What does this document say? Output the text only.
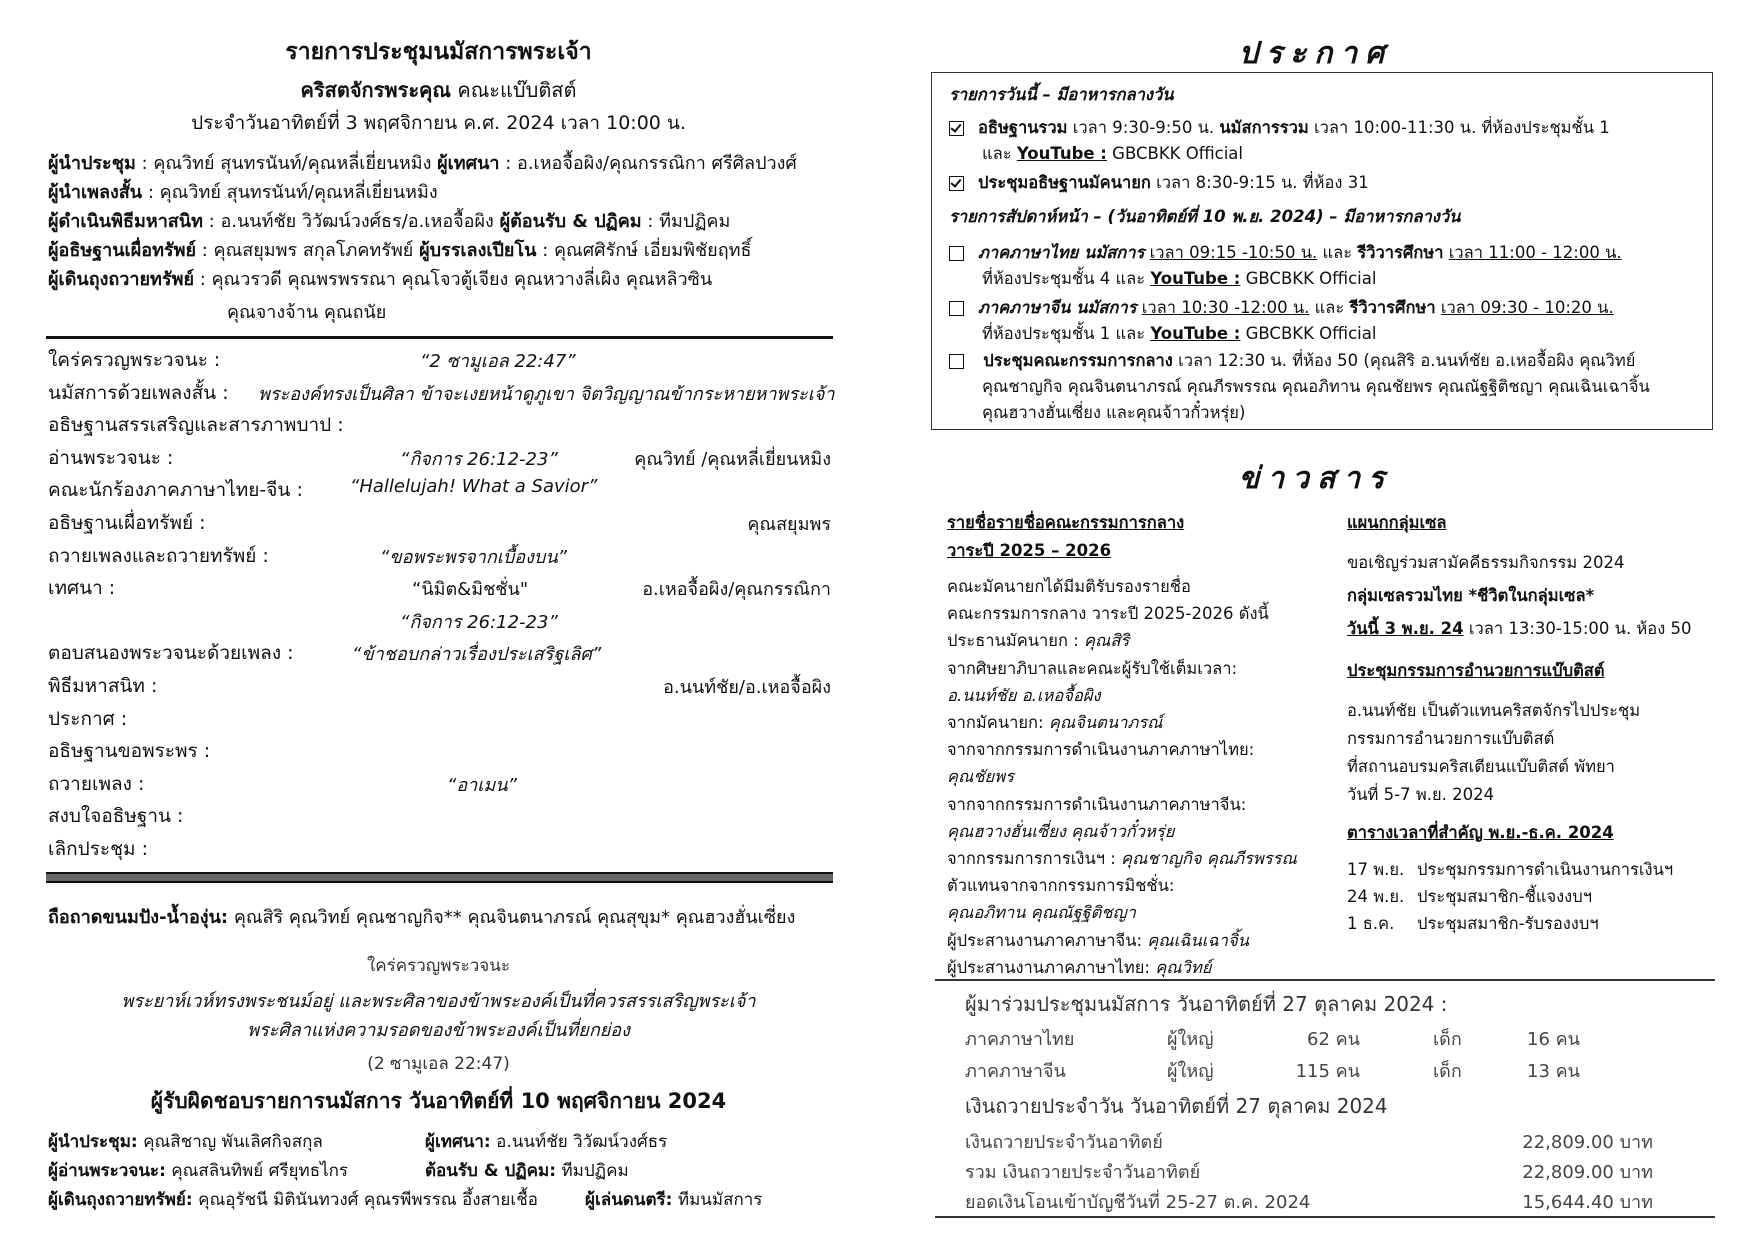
รายการประชุมนมัสการพระเจ้า
คริสตจักรพระคุณ คณะแบ๊บติสต์
ประจำวันอาทิตย์ที่ 3 พฤศจิกายน ค.ศ. 2024 เวลา 10:00 น.
ผู้นำประชุม : คุณวิทย์ สุนทรนันท์/คุณหลี่เยี่ยนหมิง ผู้เทศนา : อ.เหอจื้อผิง/คุณกรรณิกา ศรีศิลปวงศ์
ผู้นำเพลงสั้น : คุณวิทย์ สุนทรนันท์/คุณหลี่เยี่ยนหมิง
ผู้ดำเนินพิธีมหาสนิท : อ.นนท์ชัย วิวัฒน์วงศ์ธร/อ.เหอจื้อผิง ผู้ต้อนรับ & ปฏิคม : ทีมปฏิคม
ผู้อธิษฐานเผื่อทรัพย์ : คุณสยุมพร สกุลโภคทรัพย์ ผู้บรรเลงเปียโน : คุณศศิรักษ์ เอี่ยมพิชัยฤทธิ์
ผู้เดินถุงถวายทรัพย์ : คุณวรวดี คุณพรพรรณา คุณโจวตู้เจียง คุณหวางลี่เผิง คุณหลิวซิน
คุณจางจ้าน คุณถนัย
ใคร่ครวญพระวจนะ :	“2 ซามูเอล 22:47”
นมัสการด้วยเพลงสั้น : พระองค์ทรงเป็นศิลา ข้าจะเงยหน้าดูภูเขา จิตวิญญาณข้ากระหายหาพระเจ้า
อธิษฐานสรรเสริญและสารภาพบาป :
อ่านพระวจนะ :	“กิจการ 26:12-23”	คุณวิทย์ /คุณหลี่เยี่ยนหมิง
คณะนักร้องภาคภาษาไทย-จีน :	“Hallelujah! What a Savior”
อธิษฐานเผื่อทรัพย์ :	คุณสยุมพร
ถวายเพลงและถวายทรัพย์ :	“ขอพระพรจากเบื้องบน”
เทศนา :	“นิมิต&มิชชั่น"	อ.เหอจื้อผิง/คุณกรรณิกา
“กิจการ 26:12-23”
ตอบสนองพระวจนะด้วยเพลง :	“ข้าชอบกล่าวเรื่องประเสริฐเลิศ”
พิธีมหาสนิท :	อ.นนท์ชัย/อ.เหอจื้อผิง
ประกาศ :
อธิษฐานขอพระพร :
ถวายเพลง :	“อาเมน”
สงบใจอธิษฐาน :
เลิกประชุม :
ถือถาดขนมปัง-น้ำองุ่น: คุณสิริ คุณวิทย์ คุณชาญกิจ** คุณจินตนาภรณ์ คุณสุขุม* คุณฮวงฮั่นเซี่ยง
ใคร่ครวญพระวจนะ
พระยาห์เวห์ทรงพระชนม์อยู่ และพระศิลาของข้าพระองค์เป็นที่ควรสรรเสริญพระเจ้า
พระศิลาแห่งความรอดของข้าพระองค์เป็นที่ยกย่อง
(2 ซามูเอล 22:47)
ผู้รับผิดชอบรายการนมัสการ วันอาทิตย์ที่ 10 พฤศจิกายน 2024
ผู้นำประชุม: คุณสิชาญ พันเลิศกิจสกุล	ผู้เทศนา: อ.นนท์ชัย วิวัฒน์วงศ์ธร
ผู้อ่านพระวจนะ: คุณสลินทิพย์ ศรียุทธไกร	ต้อนรับ & ปฏิคม: ทีมปฏิคม
ผู้เดินถุงถวายทรัพย์: คุณอุรัชนี มิตินันทวงศ์ คุณรพีพรรณ อึ้งสายเชื้อ	ผู้เล่นดนตรี: ทีมนมัสการ
ประกาศ
รายการวันนี้ – มีอาหารกลางวัน
อธิษฐานรวม เวลา 9:30-9:50 น. นมัสการรวม เวลา 10:00-11:30 น. ที่ห้องประชุมชั้น 1
และ YouTube : GBCBKK Official
ประชุมอธิษฐานมัคนายก เวลา 8:30-9:15 น. ที่ห้อง 31
รายการสัปดาห์หน้า – (วันอาทิตย์ที่ 10 พ.ย. 2024) – มีอาหารกลางวัน
ภาคภาษาไทย นมัสการ เวลา 09:15 -10:50 น. และ รีวิวารศึกษา เวลา 11:00 - 12:00 น.
ที่ห้องประชุมชั้น 4 และ YouTube : GBCBKK Official
ภาคภาษาจีน นมัสการ เวลา 10:30 -12:00 น. และ รีวิวารศึกษา เวลา 09:30 - 10:20 น.
ที่ห้องประชุมชั้น 1 และ YouTube : GBCBKK Official
ประชุมคณะกรรมการกลาง เวลา 12:30 น. ที่ห้อง 50 (คุณสิริ อ.นนท์ชัย อ.เหอจื้อผิง คุณวิทย์
คุณชาญกิจ คุณจินตนาภรณ์ คุณภีรพรรณ คุณอภิทาน คุณชัยพร คุณณัฐฐิติชญา คุณเฉินเฉาจิ้น
คุณฮวางฮั่นเซี่ยง และคุณจ้าวกั๋วหรุ่ย)
ข่าวสาร
รายชื่อรายชื่อคณะกรรมการกลาง
วาระปี 2025 – 2026
คณะมัคนายกได้มีมติรับรองรายชื่อ
คณะกรรมการกลาง วาระปี 2025-2026 ดังนี้
ประธานมัคนายก : คุณสิริ
จากศิษยาภิบาลและคณะผู้รับใช้เต็มเวลา:
อ.นนท์ชัย อ.เหอจื้อผิง
จากมัคนายก: คุณจินตนาภรณ์
จากจากกรรมการดำเนินงานภาคภาษาไทย:
คุณชัยพร
จากจากกรรมการดำเนินงานภาคภาษาจีน:
คุณฮวางฮั่นเซี่ยง คุณจ้าวกั๋วหรุ่ย
จากกรรมการการเงินฯ : คุณชาญกิจ คุณภีรพรรณ
ตัวแทนจากจากกรรมการมิชชั่น:
คุณอภิทาน คุณณัฐฐิติชญา
ผู้ประสานงานภาคภาษาจีน: คุณเฉินเฉาจิ้น
ผู้ประสานงานภาคภาษาไทย: คุณวิทย์
แผนกกลุ่มเซล
ขอเชิญร่วมสามัคคีธรรมกิจกรรม 2024
กลุ่มเซลรวมไทย *ชีวิตในกลุ่มเซล*
วันนี้ 3 พ.ย. 24 เวลา 13:30-15:00 น. ห้อง 50
ประชุมกรรมการอำนวยการแบ๊บติสต์
อ.นนท์ชัย เป็นตัวแทนคริสตจักรไปประชุม
กรรมการอำนวยการแบ๊บติสต์
ที่สถานอบรมคริสเตียนแบ๊บติสต์ พัทยา
วันที่ 5-7 พ.ย. 2024
ตารางเวลาที่สำคัญ พ.ย.-ธ.ค. 2024
17 พ.ย. ประชุมกรรมการดำเนินงานการเงินฯ
24 พ.ย. ประชุมสมาชิก-ชี้แจงงบฯ
1 ธ.ค. ประชุมสมาชิก-รับรองงบฯ
ผู้มาร่วมประชุมนมัสการ วันอาทิตย์ที่ 27 ตุลาคม 2024 :
ภาคภาษาไทย	ผู้ใหญ่	62 คน	เด็ก	16 คน
ภาคภาษาจีน	ผู้ใหญ่	115 คน	เด็ก	13 คน
เงินถวายประจำวัน วันอาทิตย์ที่ 27 ตุลาคม 2024
เงินถวายประจำวันอาทิตย์	22,809.00 บาท
รวม เงินถวายประจำวันอาทิตย์	22,809.00 บาท
ยอดเงินโอนเข้าบัญชีวันที่ 25-27 ต.ค. 2024	15,644.40 บาท
